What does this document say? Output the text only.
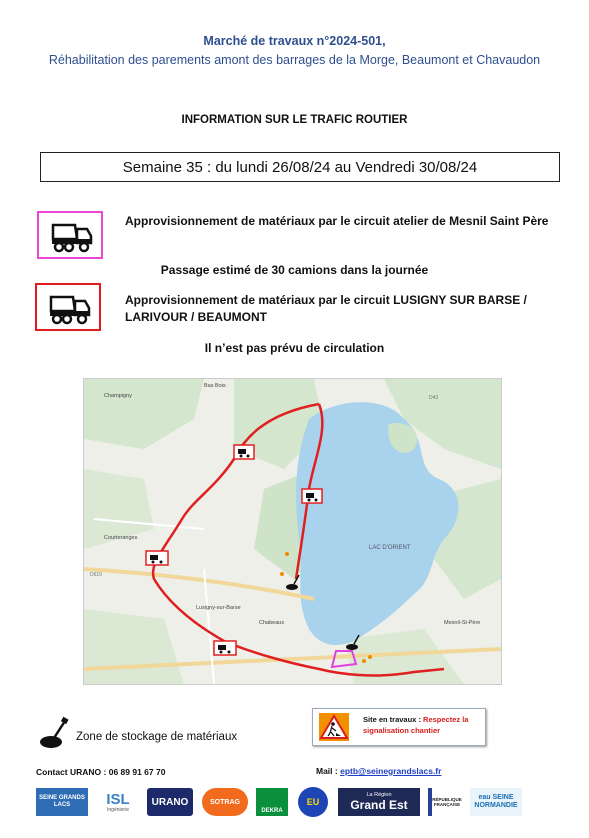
Marché de travaux n°2024-501,
Réhabilitation des parements amont des barrages de la Morge, Beaumont et Chavaudon
INFORMATION SUR LE TRAFIC ROUTIER
Semaine 35 : du lundi 26/08/24 au Vendredi 30/08/24
Approvisionnement de matériaux par le circuit atelier de Mesnil Saint Père
Passage estimé de 30 camions dans la journée
Approvisionnement de matériaux par le circuit LUSIGNY SUR BARSE / LARIVOUR / BEAUMONT
Il n’est pas prévu de circulation
LAC D'ORIENT
Lusigny-sur-Barse
Courteranges
Champigny
Mesnil-St-Père
Chabeaux
Bas Bois
D619
D43
Zone de stockage de matériaux
Site en travaux : Respectez la signalisation chantier
Contact URANO : 06 89 91 67 70	Mail : eptb@seinegrandslacs.fr
SEINE GRANDS LACS	ISL
Ingénierie
URANO	SOTRAG
DEKRA
EU
La Région
Grand Est	RÉPUBLIQUE FRANÇAISE
eau SEINE NORMANDIE
